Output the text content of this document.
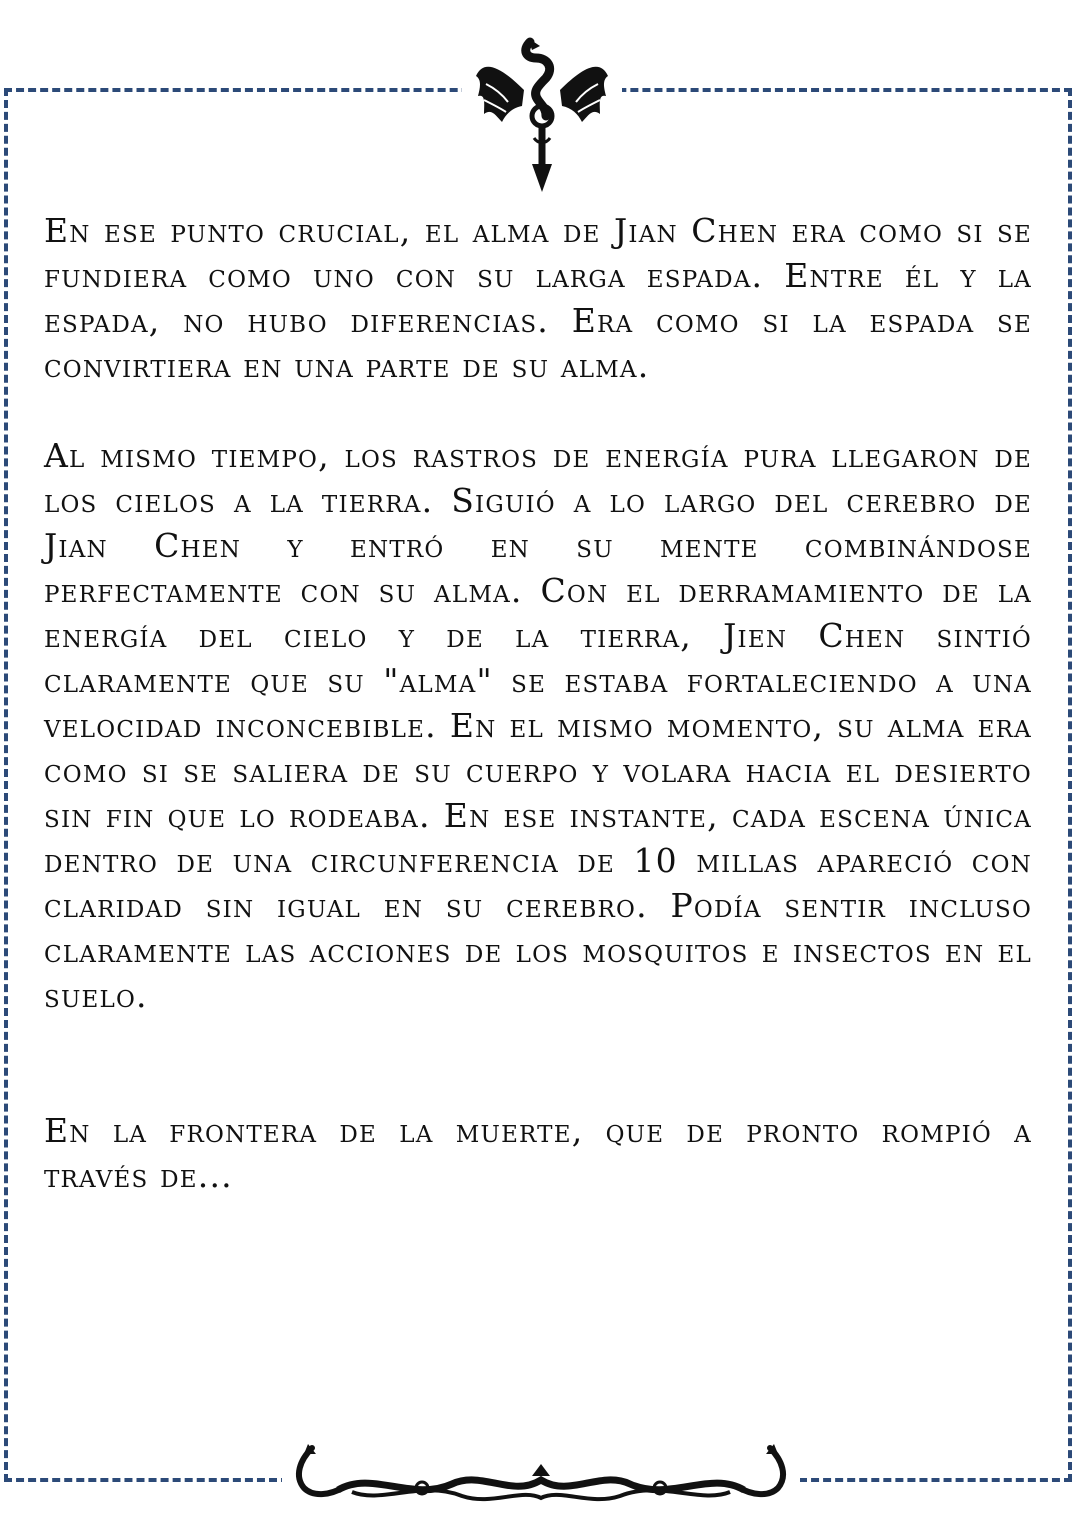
En ese punto crucial, el alma de Jian Chen era como si se fundiera como uno con su larga espada. Entre él y la espada, no hubo diferencias. Era como si la espada se convirtiera en una parte de su alma.

Al mismo tiempo, los rastros de energía pura llegaron de los cielos a la tierra. Siguió a lo largo del cerebro de Jian Chen y entró en su mente combinándose perfectamente con su alma. Con el derramamiento de la energía del cielo y de la tierra, Jien Chen sintió claramente que su "alma" se estaba fortaleciendo a una velocidad inconcebible. En el mismo momento, su alma era como si se saliera de su cuerpo y volara hacia el desierto sin fin que lo rodeaba. En ese instante, cada escena única dentro de una circunferencia de 10 millas apareció con claridad sin igual en su cerebro. Podía sentir incluso claramente las acciones de los mosquitos e insectos en el suelo.

En la frontera de la muerte, que de pronto rompió a través de...
